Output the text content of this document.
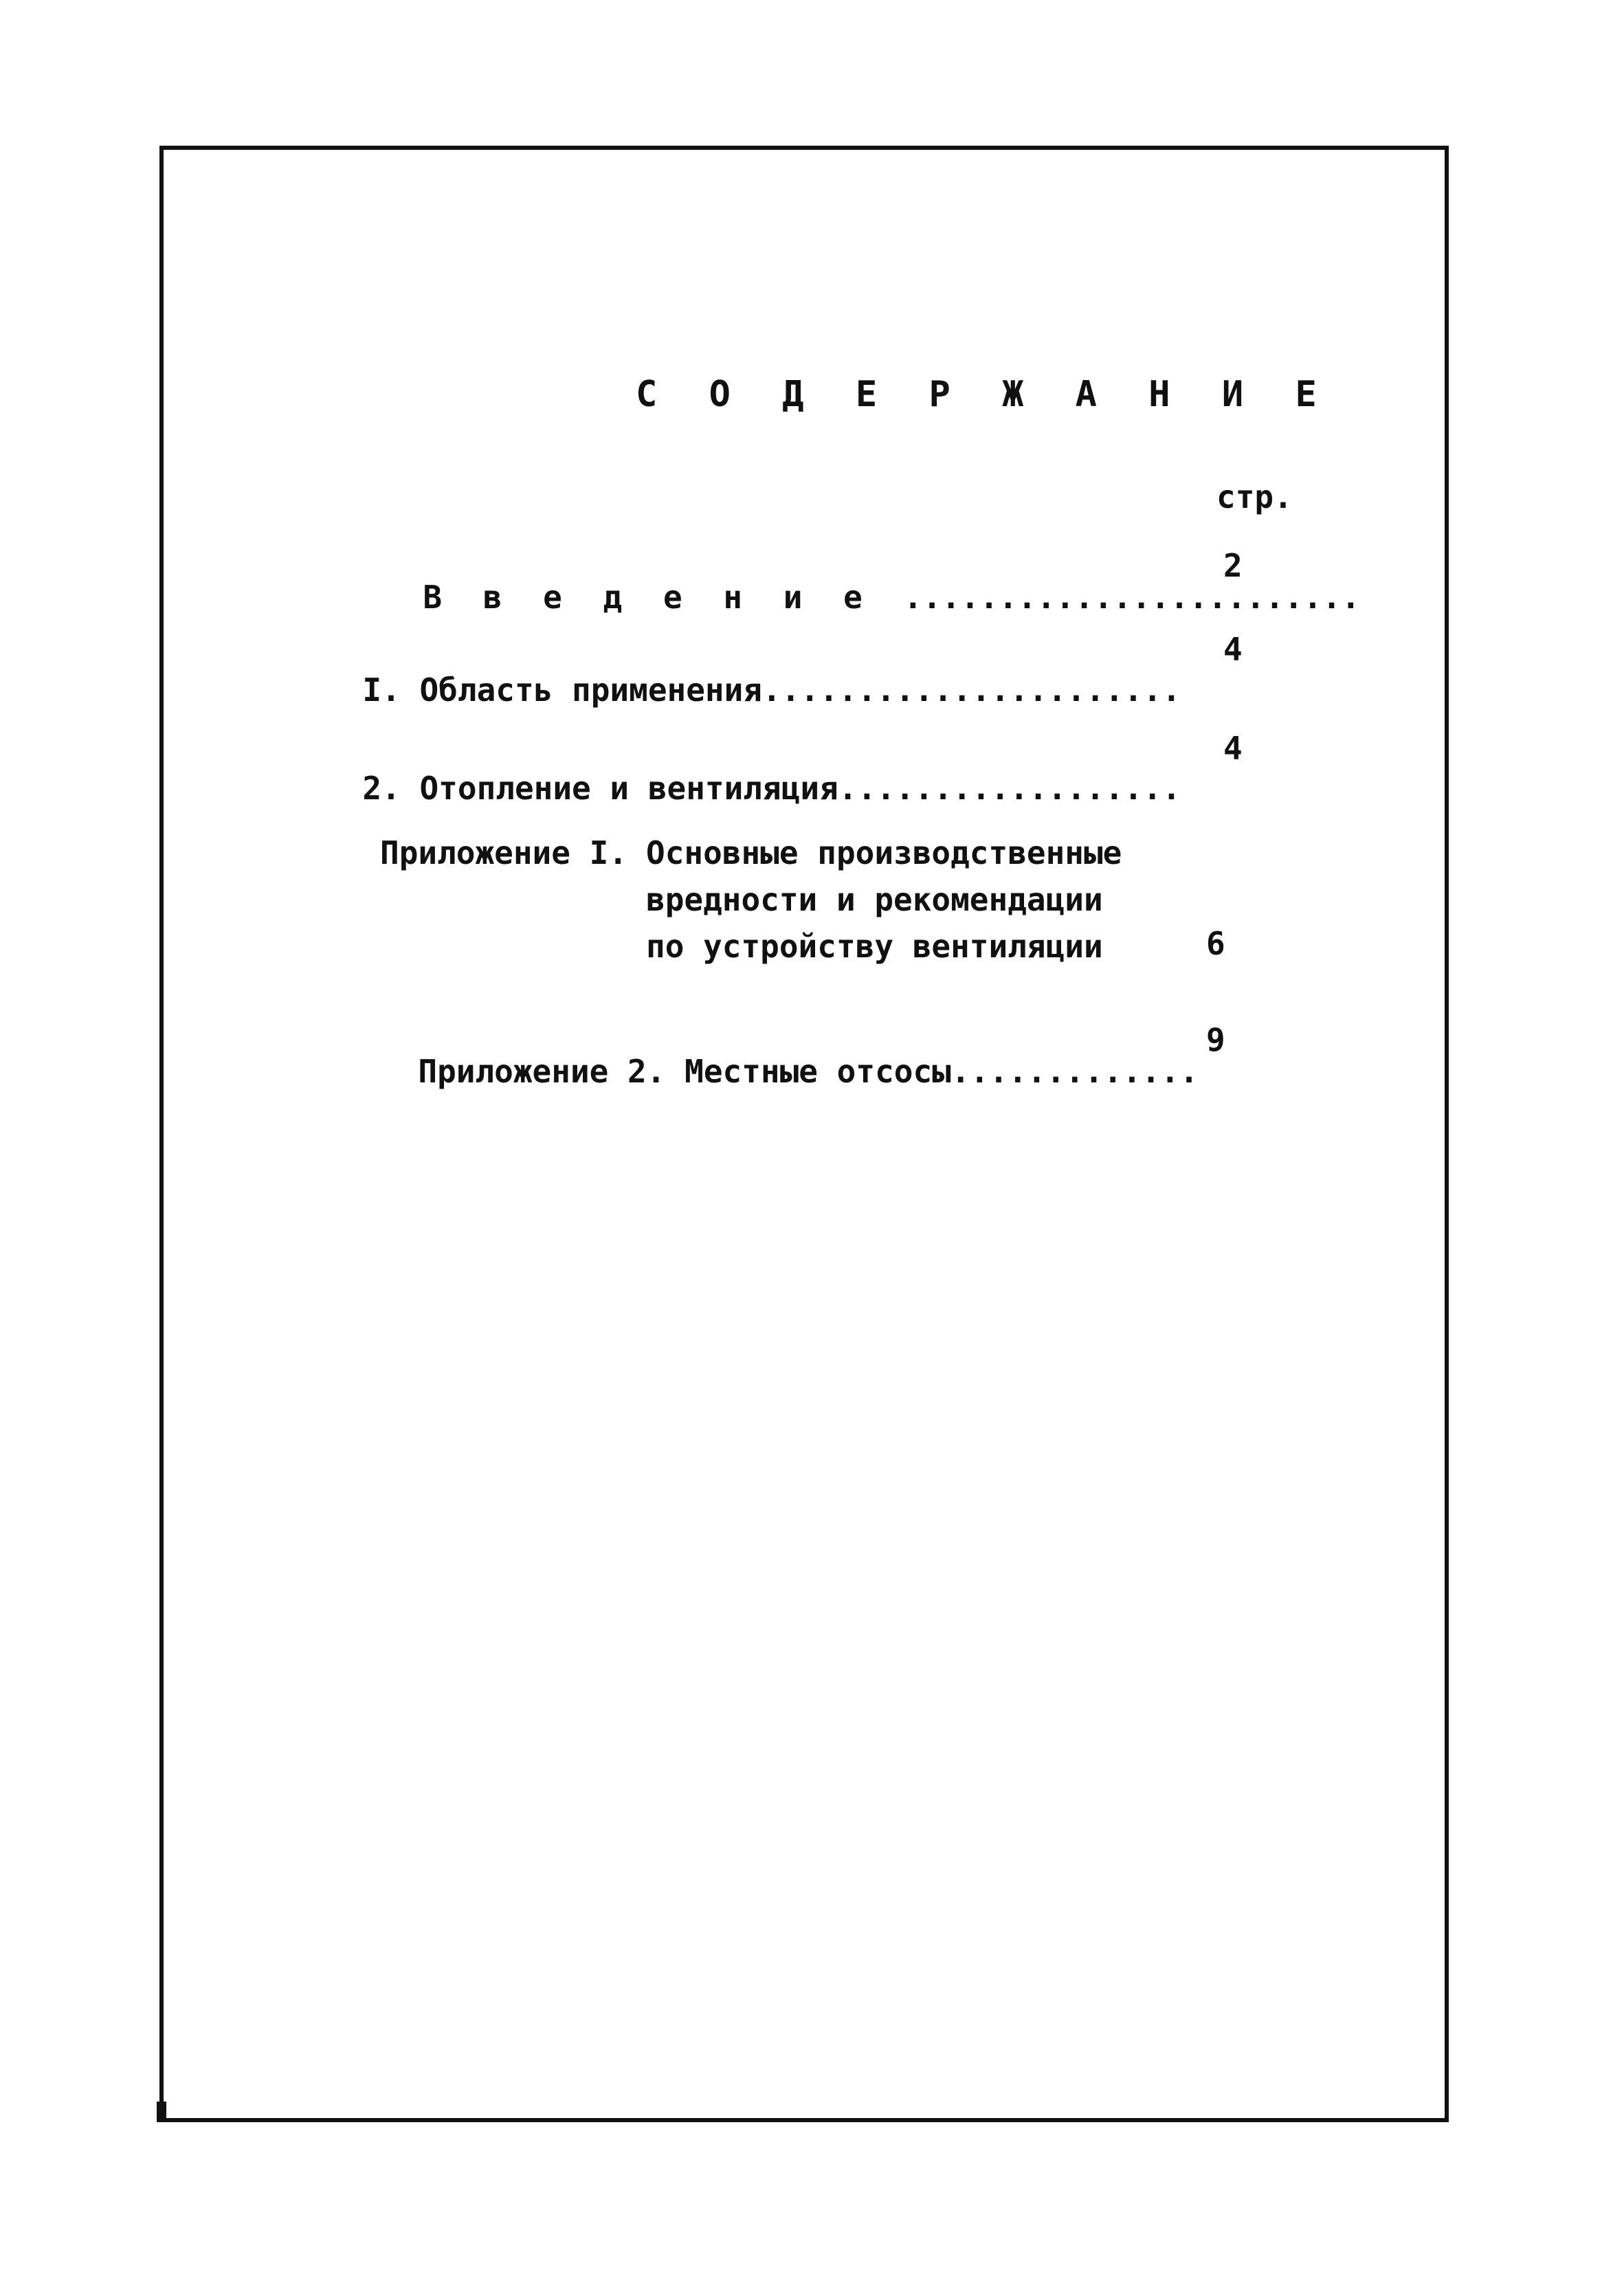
С О Д Е Р Ж А Н И Е
стр.

В в е д е н и е ........................

2

I. Область применения......................

4

2. Отопление и вентиляция..................

4
Приложение I. Основные производственные
вредности и рекомендации
по устройству вентиляции	6

Приложение 2. Местные отсосы.............

9
